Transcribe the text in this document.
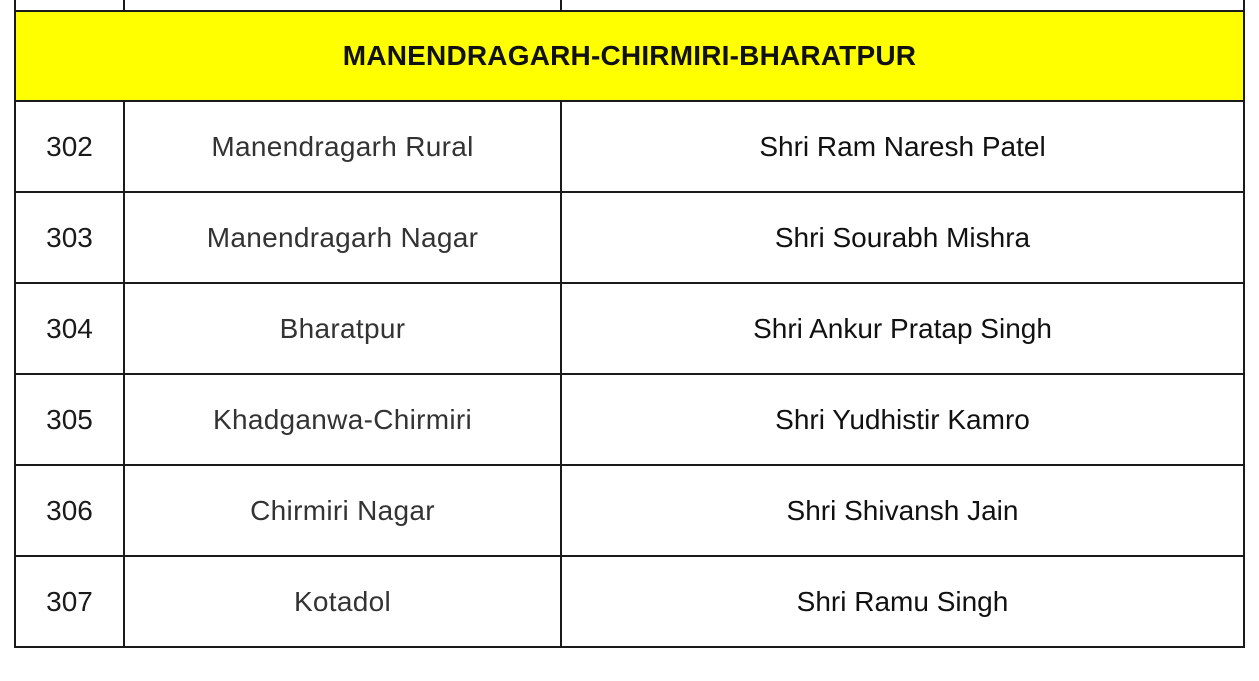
MANENDRAGARH-CHIRMIRI-BHARATPUR		
302	Manendragarh Rural	Shri Ram Naresh Patel
303	Manendragarh Nagar	Shri Sourabh Mishra
304	Bharatpur	Shri Ankur Pratap Singh
305	Khadganwa-Chirmiri	Shri Yudhistir Kamro
306	Chirmiri Nagar	Shri Shivansh Jain
307	Kotadol	Shri Ramu Singh
